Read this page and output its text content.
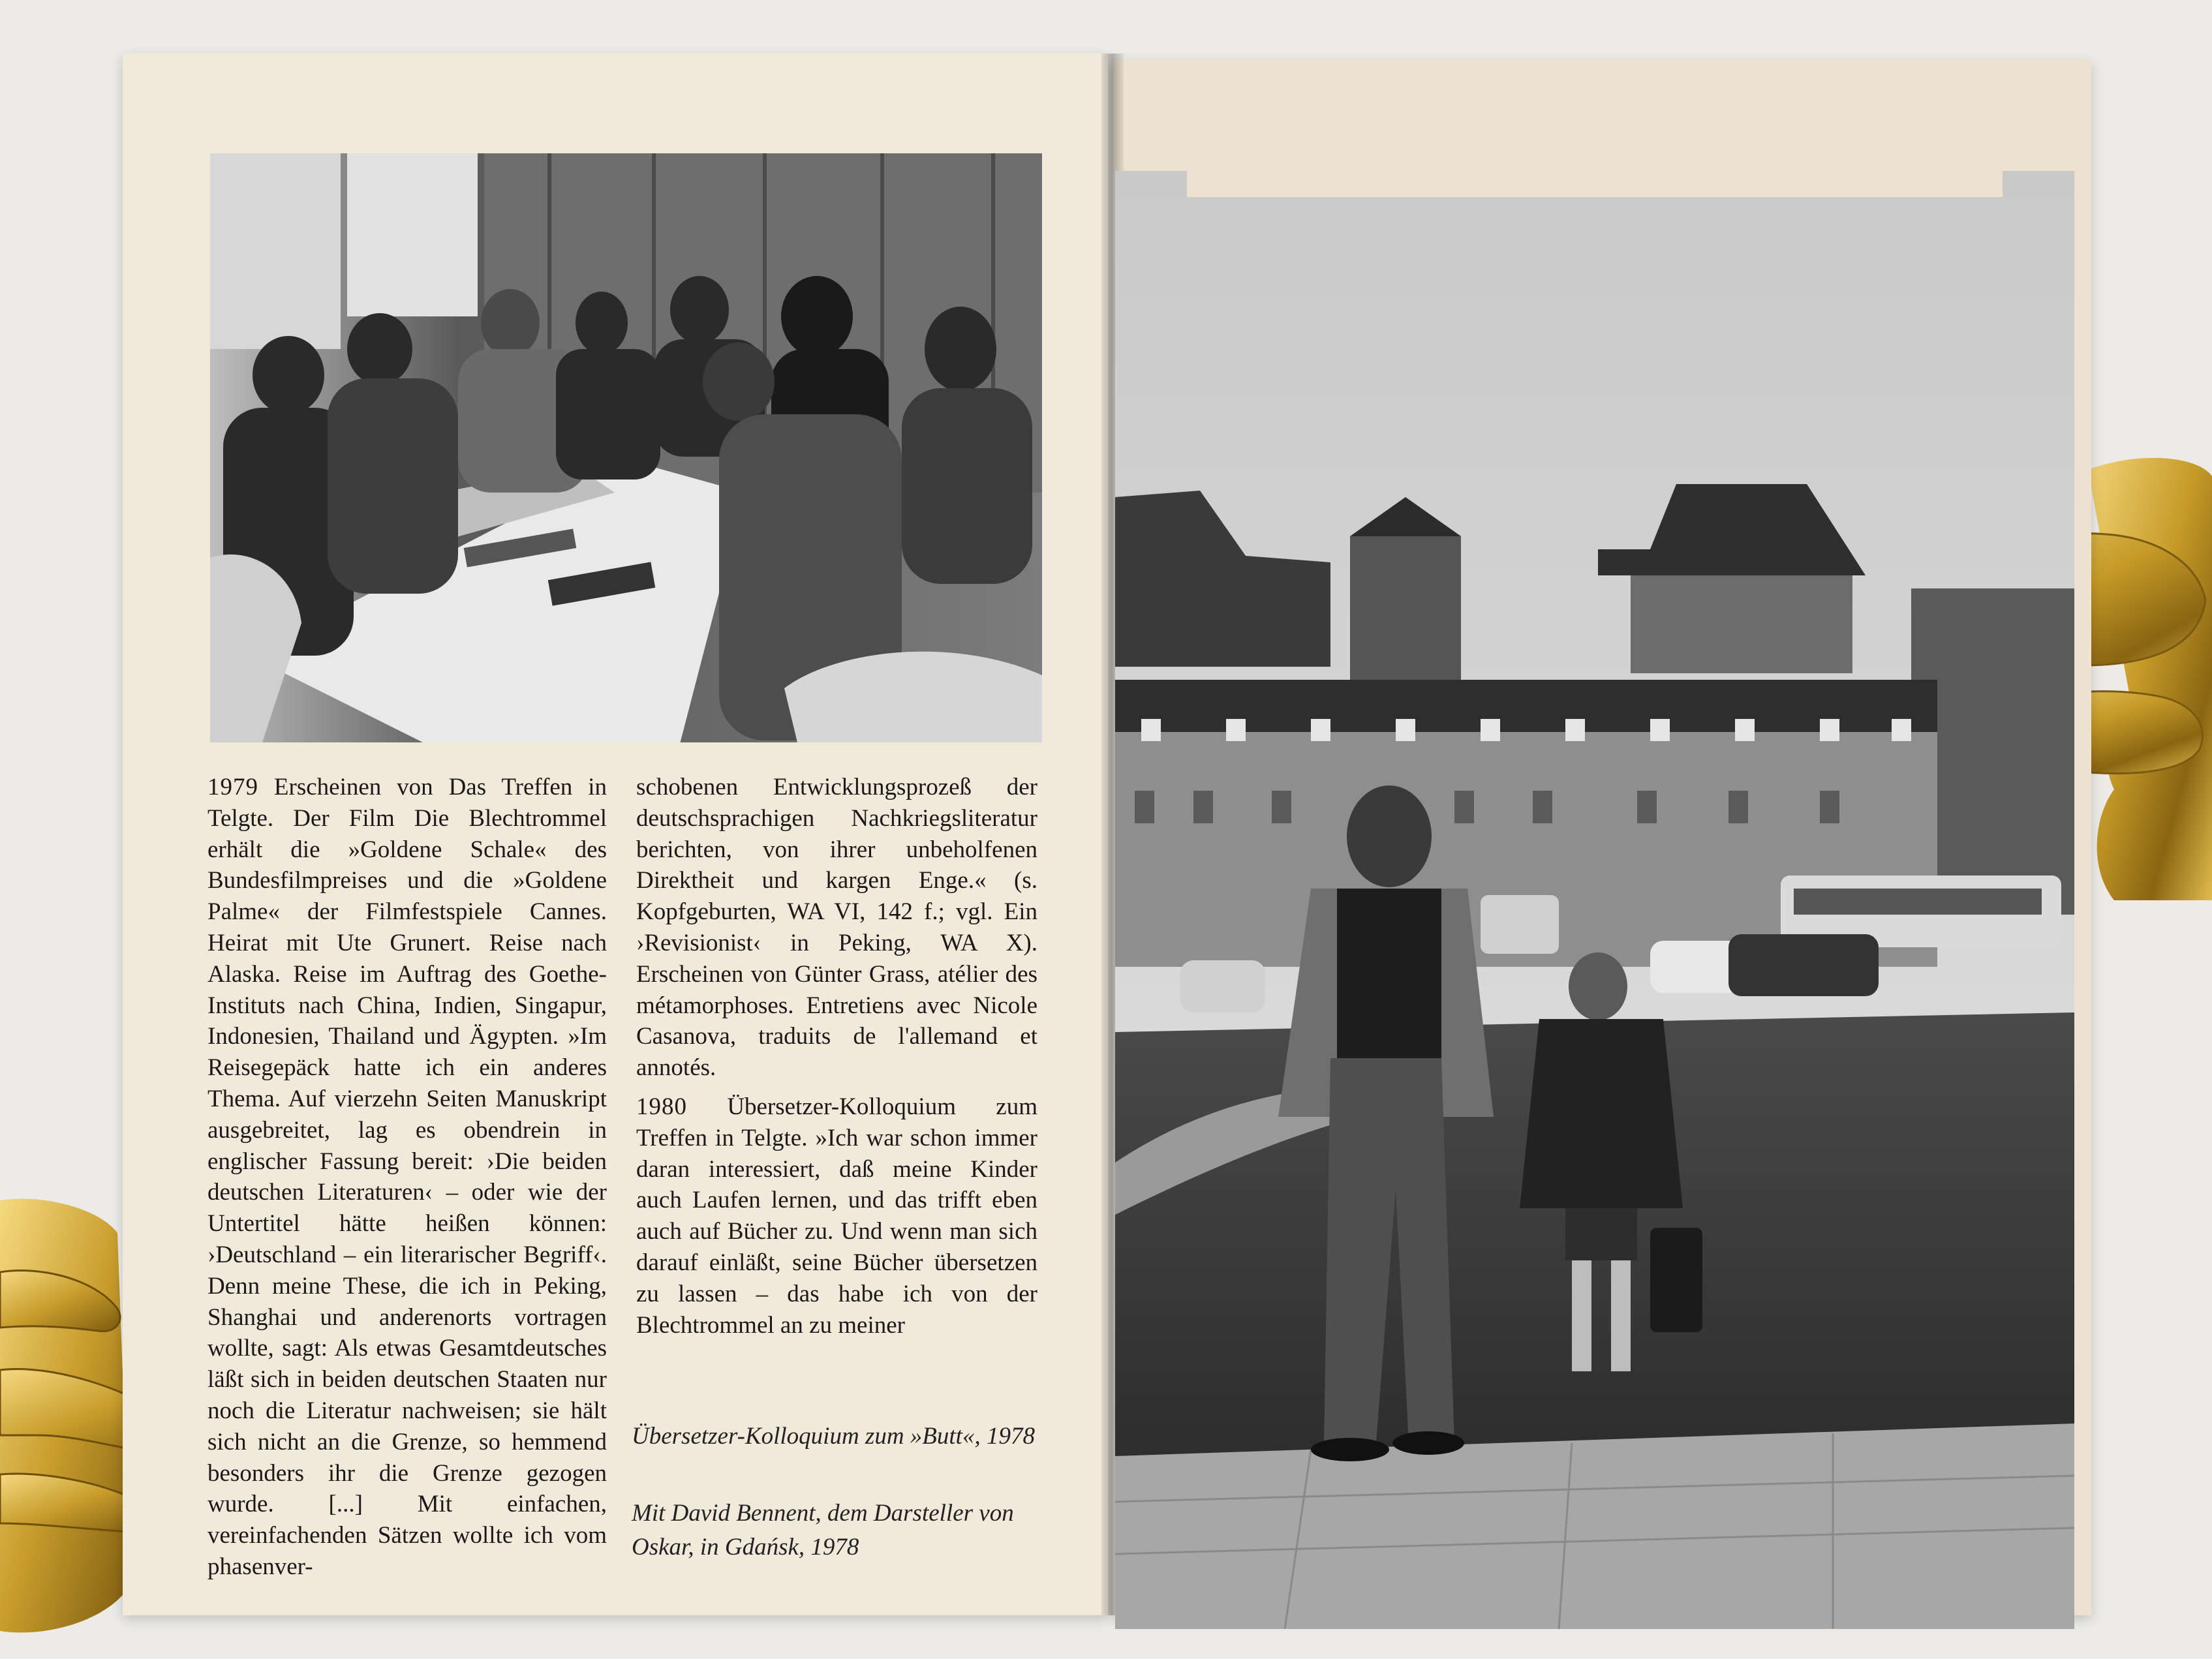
1979 Erscheinen von Das Treffen in Telgte. Der Film Die Blechtrommel erhält die »Goldene Schale« des Bundesfilmpreises und die »Goldene Palme« der Filmfestspiele Cannes. Heirat mit Ute Grunert. Reise nach Alaska. Reise im Auftrag des Goethe-Instituts nach China, Indien, Singapur, Indonesien, Thailand und Ägypten. »Im Reisegepäck hatte ich ein anderes Thema. Auf vierzehn Seiten Manuskript ausgebreitet, lag es obendrein in englischer Fassung bereit: ›Die beiden deutschen Literaturen‹ – oder wie der Untertitel hätte heißen können: ›Deutschland – ein literarischer Begriff‹. Denn meine These, die ich in Peking, Shanghai und anderenorts vortragen wollte, sagt: Als etwas Gesamtdeutsches läßt sich in beiden deutschen Staaten nur noch die Literatur nachweisen; sie hält sich nicht an die Grenze, so hemmend besonders ihr die Grenze gezogen wurde. [...] Mit einfachen, vereinfachenden Sätzen wollte ich vom phasenver-

schobenen Entwicklungsprozeß der deutschsprachigen Nachkriegsliteratur berichten, von ihrer unbeholfenen Direktheit und kargen Enge.« (s. Kopfgeburten, WA VI, 142 f.; vgl. Ein ›Revisionist‹ in Peking, WA X). Erscheinen von Günter Grass, atélier des métamorphoses. Entretiens avec Nicole Casanova, traduits de l'allemand et annotés.

1980 Übersetzer-Kolloquium zum Treffen in Telgte. »Ich war schon immer daran interessiert, daß meine Kinder auch Laufen lernen, und das trifft eben auch auf Bücher zu. Und wenn man sich darauf einläßt, seine Bücher übersetzen zu lassen – das habe ich von der Blechtrommel an zu meiner

Übersetzer-Kolloquium zum »Butt«, 1978
Mit David Bennent, dem Darsteller von Oskar, in Gdańsk, 1978
